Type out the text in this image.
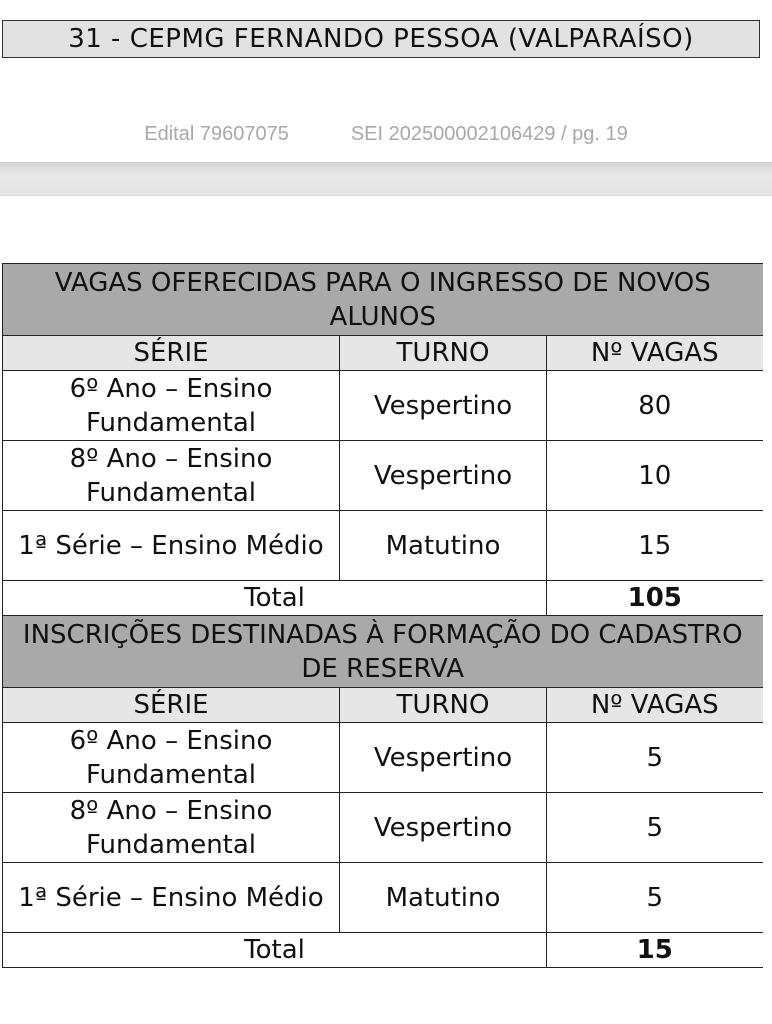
31 - CEPMG FERNANDO PESSOA (VALPARAÍSO)
Edital 79607075	SEI 202500002106429 / pg. 19
VAGAS OFERECIDAS PARA O INGRESSO DE NOVOS ALUNOS		
SÉRIE	TURNO	Nº VAGAS
6º Ano – Ensino Fundamental	Vespertino	80
8º Ano – Ensino Fundamental	Vespertino	10
1ª Série – Ensino Médio	Matutino	15
Total		105
INSCRIÇÕES DESTINADAS À FORMAÇÃO DO CADASTRO DE RESERVA		
SÉRIE	TURNO	Nº VAGAS
6º Ano – Ensino Fundamental	Vespertino	5
8º Ano – Ensino Fundamental	Vespertino	5
1ª Série – Ensino Médio	Matutino	5
Total		15
